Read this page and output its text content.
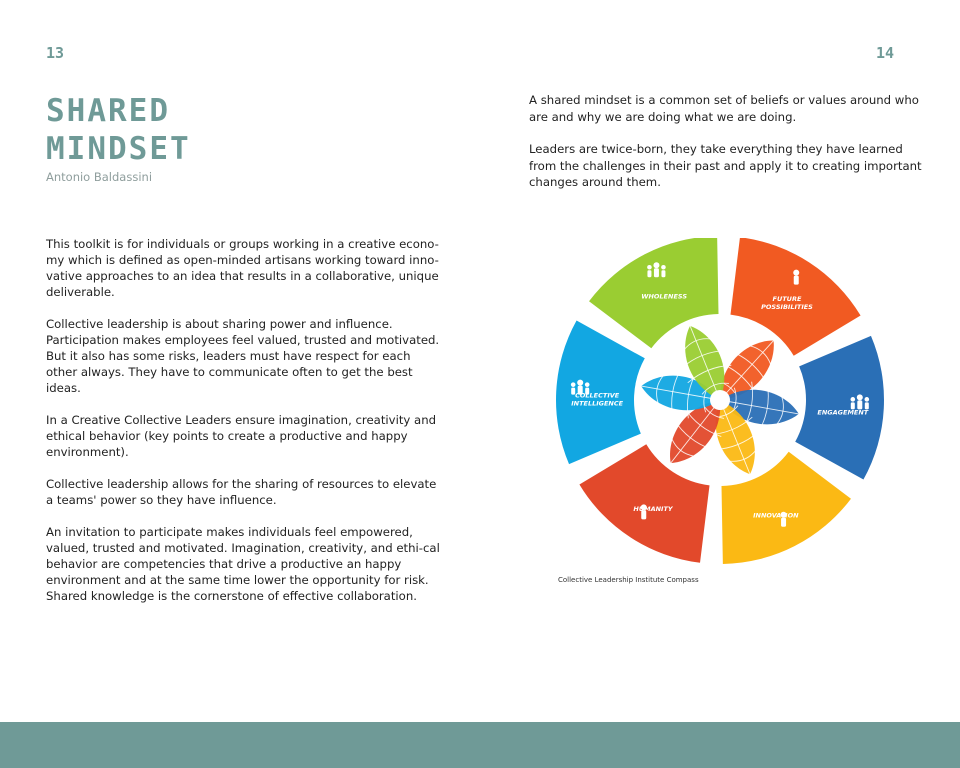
13	14
SHARED
MINDSET
Antonio Baldassini

This toolkit is for individuals or groups working in a creative econo-my which is defined as open-minded artisans working toward inno-vative approaches to an idea that results in a collaborative, unique deliverable.

Collective leadership is about sharing power and influence. Participation makes employees feel valued, trusted and motivated. But it also has some risks, leaders must have respect for each other always. They have to communicate often to get the best ideas.

In a Creative Collective Leaders ensure imagination, creativity and ethical behavior (key points to create a productive and happy environment).

Collective leadership allows for the sharing of resources to elevate a teams' power so they have influence.

An invitation to participate makes individuals feel empowered, valued, trusted and motivated. Imagination, creativity, and ethi-cal behavior are competencies that drive a productive an happy environment and at the same time lower the opportunity for risk. Shared knowledge is the cornerstone of effective collaboration.

A shared mindset is a common set of beliefs or values around who are and why we are doing what we are doing.

Leaders are twice-born, they take everything they have learned from the challenges in their past and apply it to creating important changes around them.

FUTURE
POSSIBILITIES
ENGAGEMENT
INNOVATION
HUMANITY
COLLECTIVE
INTELLIGENCE
WHOLENESS
Collective Leadership Institute Compass
